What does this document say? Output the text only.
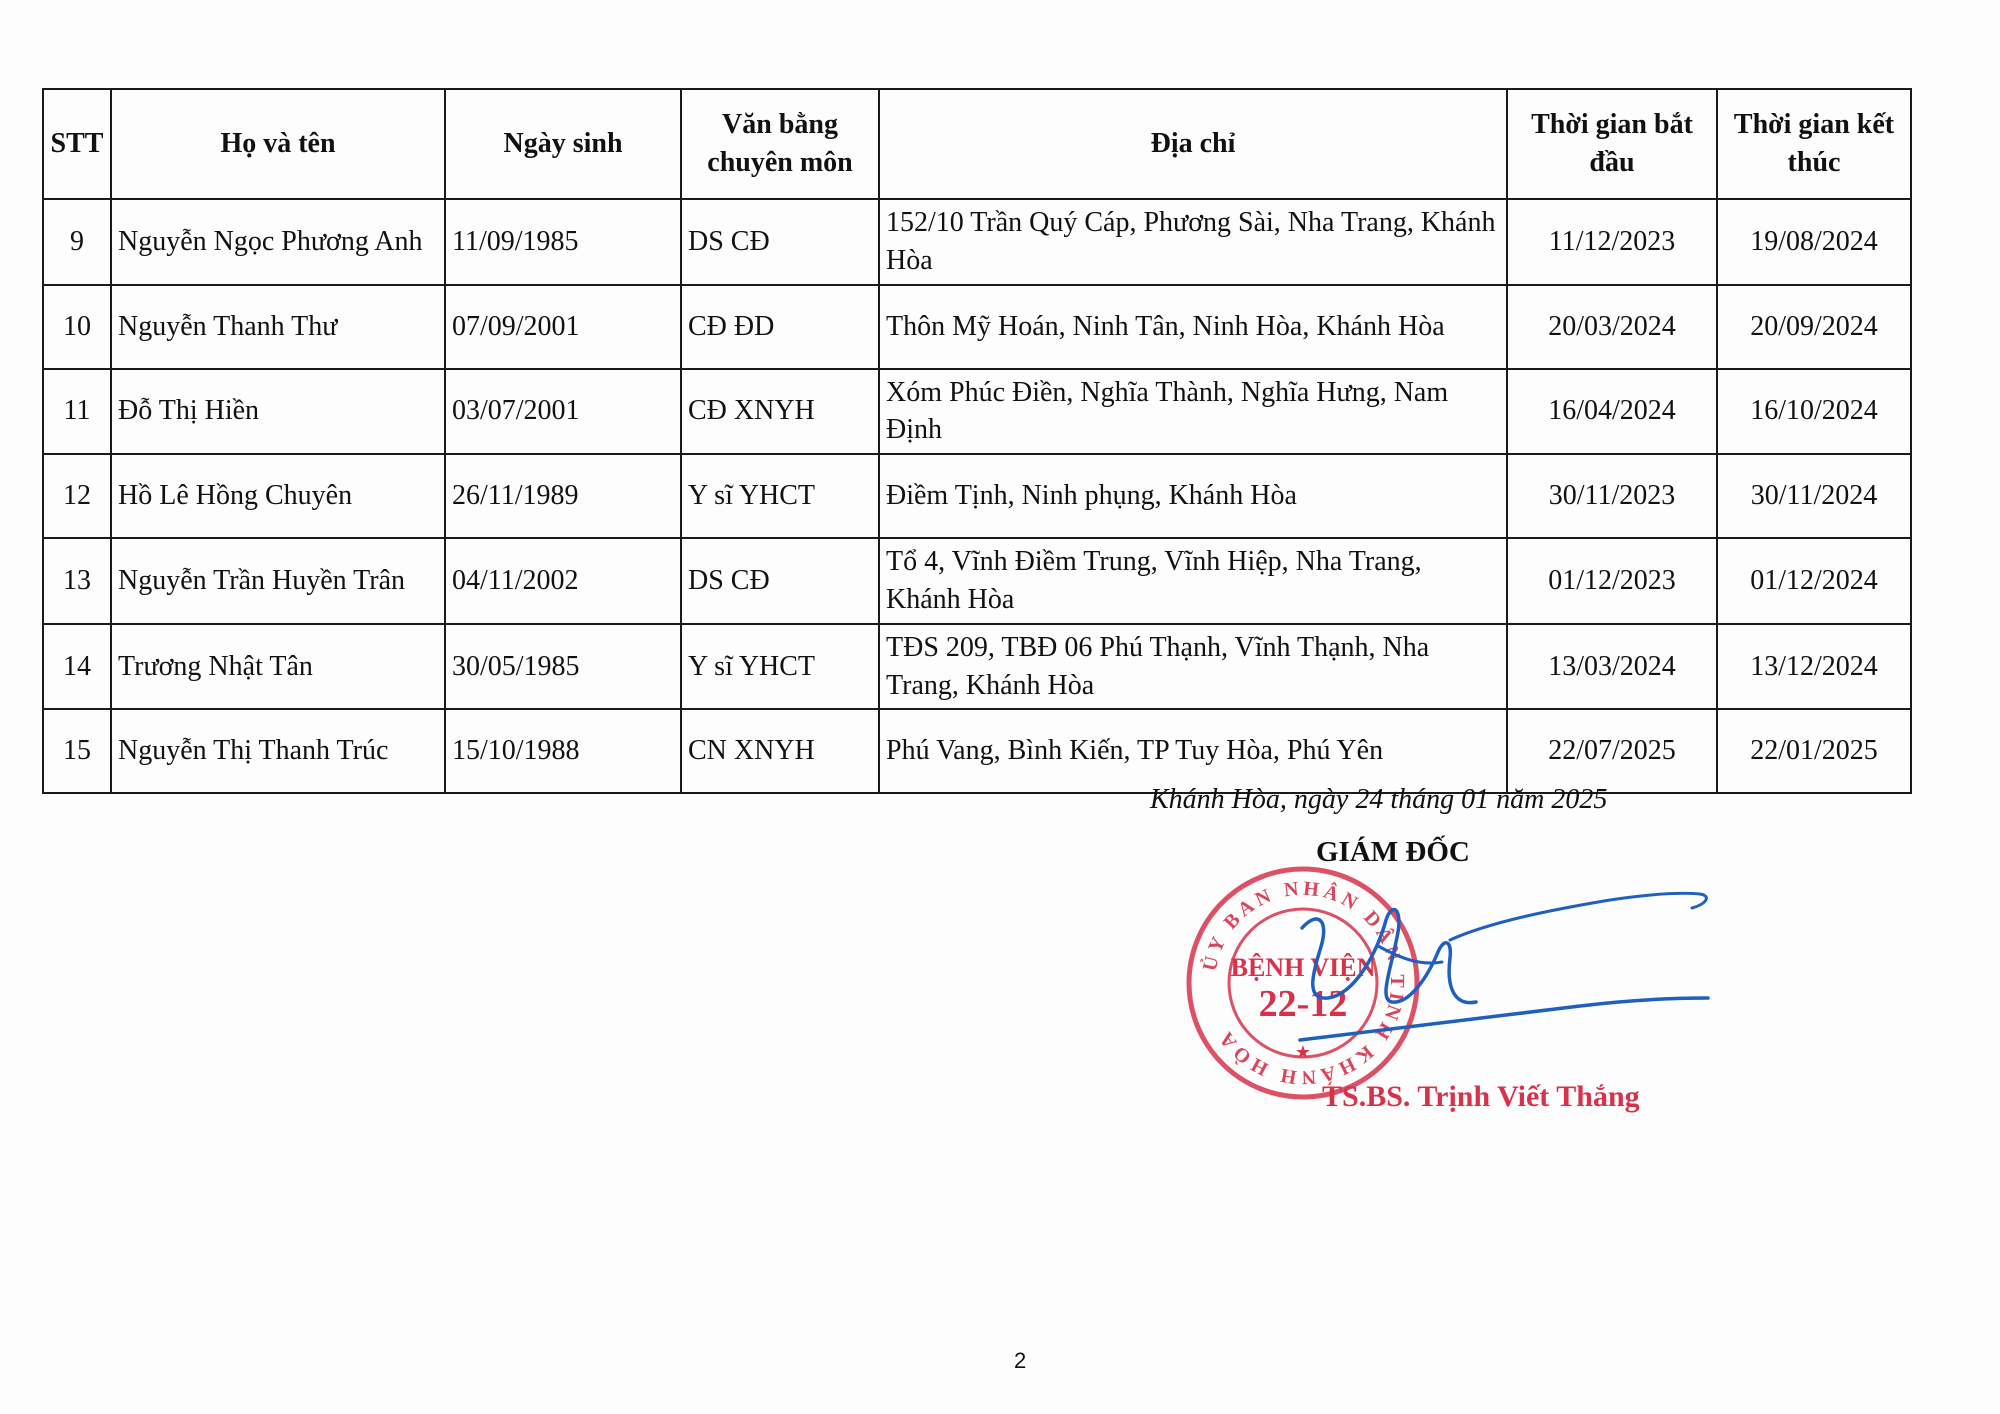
STT	Họ và tên	Ngày sinh	Văn bằng chuyên môn	Địa chỉ	Thời gian bắt đầu	Thời gian kết thúc
9	Nguyễn Ngọc Phương Anh	11/09/1985	DS CĐ	152/10 Trần Quý Cáp, Phương Sài, Nha Trang, Khánh Hòa	11/12/2023	19/08/2024
10	Nguyễn Thanh Thư	07/09/2001	CĐ ĐD	Thôn Mỹ Hoán, Ninh Tân, Ninh Hòa, Khánh Hòa	20/03/2024	20/09/2024
11	Đỗ Thị Hiền	03/07/2001	CĐ XNYH	Xóm Phúc Điền, Nghĩa Thành, Nghĩa Hưng, Nam Định	16/04/2024	16/10/2024
12	Hồ Lê Hồng Chuyên	26/11/1989	Y sĩ YHCT	Điềm Tịnh, Ninh phụng, Khánh Hòa	30/11/2023	30/11/2024
13	Nguyễn Trần Huyền Trân	04/11/2002	DS CĐ	Tổ 4, Vĩnh Điềm Trung, Vĩnh Hiệp, Nha Trang, Khánh Hòa	01/12/2023	01/12/2024
14	Trương Nhật Tân	30/05/1985	Y sĩ YHCT	TĐS 209, TBĐ 06 Phú Thạnh, Vĩnh Thạnh, Nha Trang, Khánh Hòa	13/03/2024	13/12/2024
15	Nguyễn Thị Thanh Trúc	15/10/1988	CN XNYH	Phú Vang, Bình Kiến, TP Tuy Hòa, Phú Yên	22/07/2025	22/01/2025
Khánh Hòa, ngày 24 tháng 01 năm 2025
GIÁM ĐỐC
ỦY BAN NHÂN DÂN TỈNH KHÁNH HÒA
BỆNH VIỆN
22-12
★
TS.BS. Trịnh Viết Thắng
2
